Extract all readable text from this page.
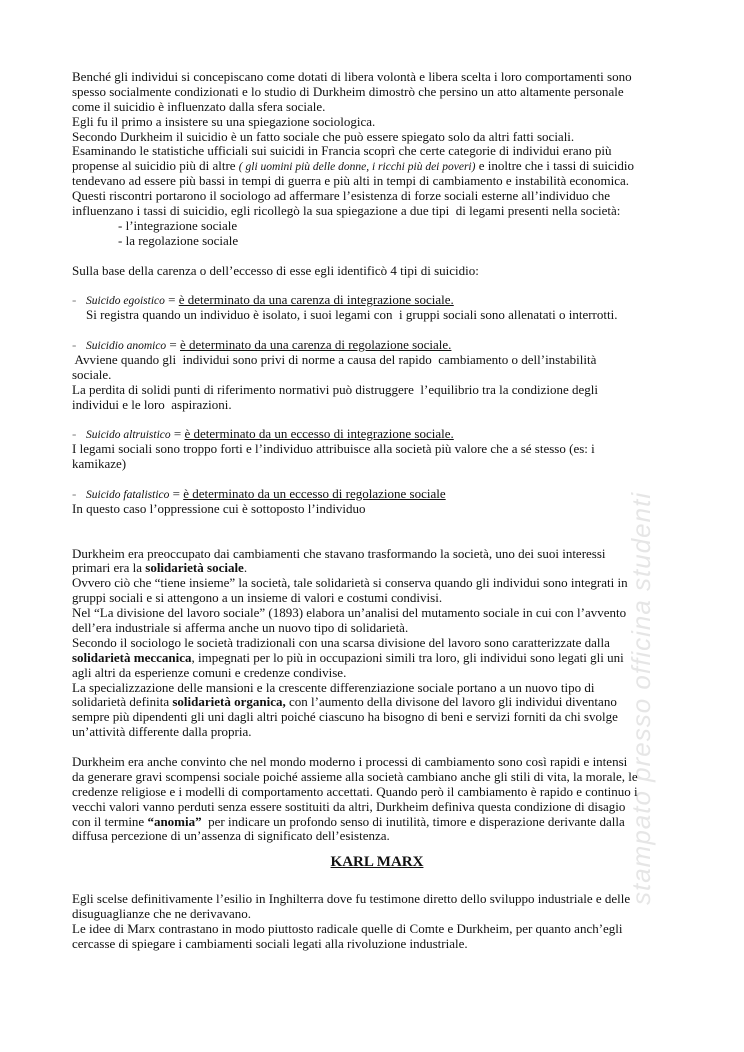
stampato presso officina studenti
Benché gli individui si concepiscano come dotati di libera volontà e libera scelta i loro comportamenti sono
spesso socialmente condizionati e lo studio di Durkheim dimostrò che persino un atto altamente personale
come il suicidio è influenzato dalla sfera sociale.
Egli fu il primo a insistere su una spiegazione sociologica.
Secondo Durkheim il suicidio è un fatto sociale che può essere spiegato solo da altri fatti sociali.
Esaminando le statistiche ufficiali sui suicidi in Francia scoprì che certe categorie di individui erano più
propense al suicidio più di altre ( gli uomini più delle donne, i ricchi più dei poveri) e inoltre che i tassi di suicidio
tendevano ad essere più bassi in tempi di guerra e più alti in tempi di cambiamento e instabilità economica.
Questi riscontri portarono il sociologo ad affermare l’esistenza di forze sociali esterne all’individuo che
influenzano i tassi di suicidio, egli ricollegò la sua spiegazione a due tipi  di legami presenti nella società:
- l’integrazione sociale
- la regolazione sociale
Sulla base della carenza o dell’eccesso di esse egli identificò 4 tipi di suicidio:
- Suicido egoistico = è determinato da una carenza di integrazione sociale.
Si registra quando un individuo è isolato, i suoi legami con  i gruppi sociali sono allenatati o interrotti.
- Suicidio anomico = è determinato da una carenza di regolazione sociale.
Avviene quando gli  individui sono privi di norme a causa del rapido  cambiamento o dell’instabilità
sociale.
La perdita di solidi punti di riferimento normativi può distruggere  l’equilibrio tra la condizione degli
individui e le loro  aspirazioni.
- Suicido altruistico = è determinato da un eccesso di integrazione sociale.
I legami sociali sono troppo forti e l’individuo attribuisce alla società più valore che a sé stesso (es: i
kamikaze)
- Suicido fatalistico = è determinato da un eccesso di regolazione sociale
In questo caso l’oppressione cui è sottoposto l’individuo
Durkheim era preoccupato dai cambiamenti che stavano trasformando la società, uno dei suoi interessi
primari era la solidarietà sociale.
Ovvero ciò che “tiene insieme” la società, tale solidarietà si conserva quando gli individui sono integrati in
gruppi sociali e si attengono a un insieme di valori e costumi condivisi.
Nel “La divisione del lavoro sociale” (1893) elabora un’analisi del mutamento sociale in cui con l’avvento
dell’era industriale si afferma anche un nuovo tipo di solidarietà.
Secondo il sociologo le società tradizionali con una scarsa divisione del lavoro sono caratterizzate dalla
solidarietà meccanica, impegnati per lo più in occupazioni simili tra loro, gli individui sono legati gli uni
agli altri da esperienze comuni e credenze condivise.
La specializzazione delle mansioni e la crescente differenziazione sociale portano a un nuovo tipo di
solidarietà definita solidarietà organica, con l’aumento della divisone del lavoro gli individui diventano
sempre più dipendenti gli uni dagli altri poiché ciascuno ha bisogno di beni e servizi forniti da chi svolge
un’attività differente dalla propria.
Durkheim era anche convinto che nel mondo moderno i processi di cambiamento sono così rapidi e intensi
da generare gravi scompensi sociale poiché assieme alla società cambiano anche gli stili di vita, la morale, le
credenze religiose e i modelli di comportamento accettati. Quando però il cambiamento è rapido e continuo i
vecchi valori vanno perduti senza essere sostituiti da altri, Durkheim definiva questa condizione di disagio
con il termine “anomia”  per indicare un profondo senso di inutilità, timore e disperazione derivante dalla
diffusa percezione di un’assenza di significato dell’esistenza.
KARL MARX
Egli scelse definitivamente l’esilio in Inghilterra dove fu testimone diretto dello sviluppo industriale e delle
disuguaglianze che ne derivavano.
Le idee di Marx contrastano in modo piuttosto radicale quelle di Comte e Durkheim, per quanto anch’egli
cercasse di spiegare i cambiamenti sociali legati alla rivoluzione industriale.
